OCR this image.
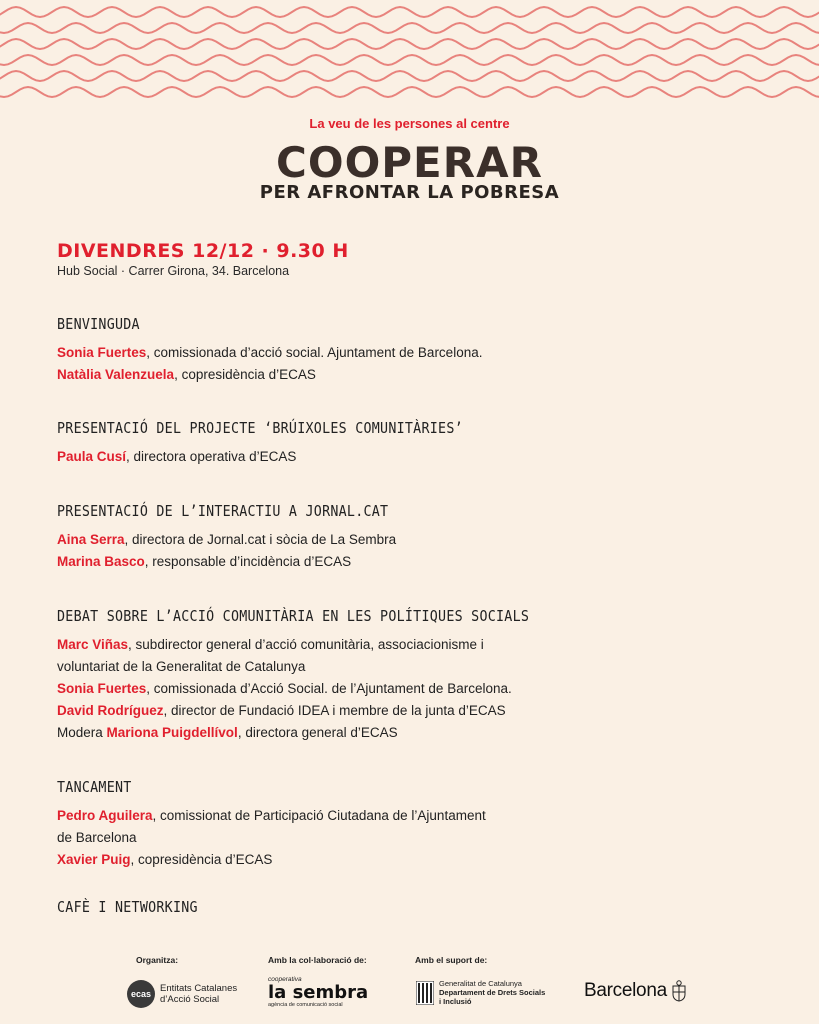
La veu de les persones al centre
COOPERAR
PER AFRONTAR LA POBRESA
DIVENDRES 12/12 · 9.30 H
Hub Social · Carrer Girona, 34. Barcelona
BENVINGUDA
Sonia Fuertes, comissionada d’acció social. Ajuntament de Barcelona.
Natàlia Valenzuela, copresidència d’ECAS
PRESENTACIÓ DEL PROJECTE ‘BRÚIXOLES COMUNITÀRIES’
Paula Cusí, directora operativa d’ECAS
PRESENTACIÓ DE L’INTERACTIU A JORNAL.CAT
Aina Serra, directora de Jornal.cat i sòcia de La Sembra
Marina Basco, responsable d’incidència d’ECAS
DEBAT SOBRE L’ACCIÓ COMUNITÀRIA EN LES POLÍTIQUES SOCIALS
Marc Viñas, subdirector general d’acció comunitària, associacionisme i
voluntariat de la Generalitat de Catalunya
Sonia Fuertes, comissionada d’Acció Social. de l’Ajuntament de Barcelona.
David Rodríguez, director de Fundació IDEA i membre de la junta d’ECAS
Modera Mariona Puigdellívol, directora general d’ECAS
TANCAMENT
Pedro Aguilera, comissionat de Participació Ciutadana de l’Ajuntament
de Barcelona
Xavier Puig, copresidència d’ECAS
CAFÈ I NETWORKING
Organitza:	Amb la col·laboració de:	Amb el suport de:
ecas Entitats Catalanes
d’Acció Social
cooperativa
la sembra
agència de comunicació social
Generalitat de Catalunya
Departament de Drets Socials
i Inclusió
Barcelona
